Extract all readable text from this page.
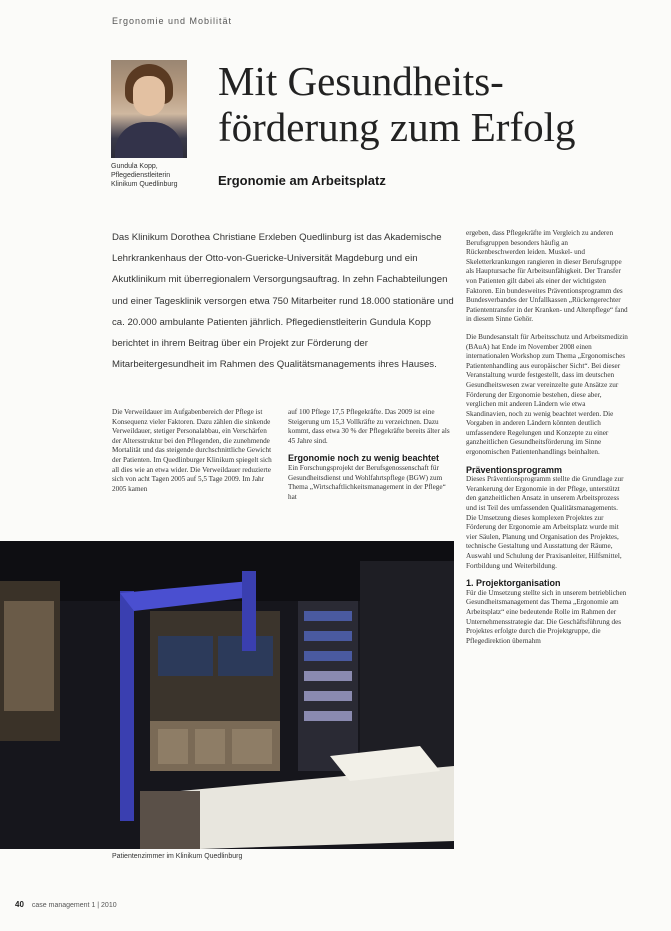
Ergonomie und Mobilität
Gundula Kopp,
Pflegedienstleiterin
Klinikum Quedlinburg
Mit Gesundheits-
förderung zum Erfolg
Ergonomie am Arbeitsplatz
Das Klinikum Dorothea Christiane Erxleben Quedlinburg ist das Akademische Lehrkrankenhaus der Otto-von-Guericke-Universität Magdeburg und ein Akutklinikum mit überregionalem Versorgungsauftrag. In zehn Fachabteilungen und einer Tagesklinik versorgen etwa 750 Mitarbeiter rund 18.000 stationäre und ca. 20.000 ambulante Patienten jährlich. Pflegedienstleiterin Gundula Kopp berichtet in ihrem Beitrag über ein Projekt zur Förderung der Mitarbeitergesundheit im Rahmen des Qualitätsmanagements ihres Hauses.
Die Verweildauer im Aufgabenbereich der Pflege ist Konsequenz vieler Faktoren. Dazu zählen die sinkende Verweildauer, stetiger Personalabbau, ein Verschärfen der Altersstruktur bei den Pflegenden, die zunehmende Mortalität und das steigende durchschnittliche Gewicht der Patienten. Im Quedlinburger Klinikum spiegelt sich all dies wie an etwa wider. Die Verweildauer reduzierte sich von acht Tagen 2005 auf 5,5 Tage 2009. Im Jahr 2005 kamen
auf 100 Pflege 17,5 Pflegekräfte. Das 2009 ist eine Steigerung um 15,3 Vollkräfte zu verzeichnen. Dazu kommt, dass etwa 30 % der Pflegekräfte bereits älter als 45 Jahre sind.
Ergonomie noch zu wenig beachtet
Ein Forschungsprojekt der Berufsgenossenschaft für Gesundheitsdienst und Wohlfahrtspflege (BGW) zum Thema „Wirtschaftlichkeitsmanagement in der Pflege“ hat
ergeben, dass Pflegekräfte im Vergleich zu anderen Berufsgruppen besonders häufig an Rückenbeschwerden leiden. Muskel- und Skeletterkrankungen rangieren in dieser Berufsgruppe als Hauptursache für Arbeitsunfähigkeit. Der Transfer von Patienten gilt dabei als einer der wichtigsten Faktoren. Ein bundesweites Präventionsprogramm des Bundesverbandes der Unfallkassen „Rückengerechter Patiententransfer in der Kranken- und Altenpflege“ fand in diesem Sinne Gehör.
Die Bundesanstalt für Arbeitsschutz und Arbeitsmedizin (BAuA) hat Ende im November 2008 einen internationalen Workshop zum Thema „Ergonomisches Patientenhandling aus europäischer Sicht“. Bei dieser Veranstaltung wurde festgestellt, dass im deutschen Gesundheitswesen zwar vereinzelte gute Ansätze zur Förderung der Ergonomie bestehen, diese aber, verglichen mit anderen Ländern wie etwa Skandinavien, noch zu wenig beachtet werden. Die Vorgaben in anderen Ländern könnten deutlich umfassendere Regelungen und Konzepte zu einer ganzheitlichen Gesundheitsförderung im Sinne ergonomischen Patientenhandlings beinhalten.
Präventionsprogramm
Dieses Präventionsprogramm stellte die Grundlage zur Verankerung der Ergonomie in der Pflege, unterstützt den ganzheitlichen Ansatz in unserem Arbeitsprozess und ist Teil des umfassenden Qualitätsmanagements. Die Umsetzung dieses komplexen Projektes zur Förderung der Ergonomie am Arbeitsplatz wurde mit vier Säulen, Planung und Organisation des Projektes, technische Gestaltung und Ausstattung der Räume, Auswahl und Schulung der Praxisanleiter, Hilfsmittel, Fortbildung und Weiterbildung.
1. Projektorganisation
Für die Umsetzung stellte sich in unserem betrieblichen Gesundheitsmanagement das Thema „Ergonomie am Arbeitsplatz“ eine bedeutende Rolle im Rahmen der Unternehmensstrategie dar. Die Geschäftsführung des Projektes erfolgte durch die Projektgruppe, die Pflegedirektion übernahm
Patientenzimmer im Klinikum Quedlinburg
40 case management 1 | 2010
